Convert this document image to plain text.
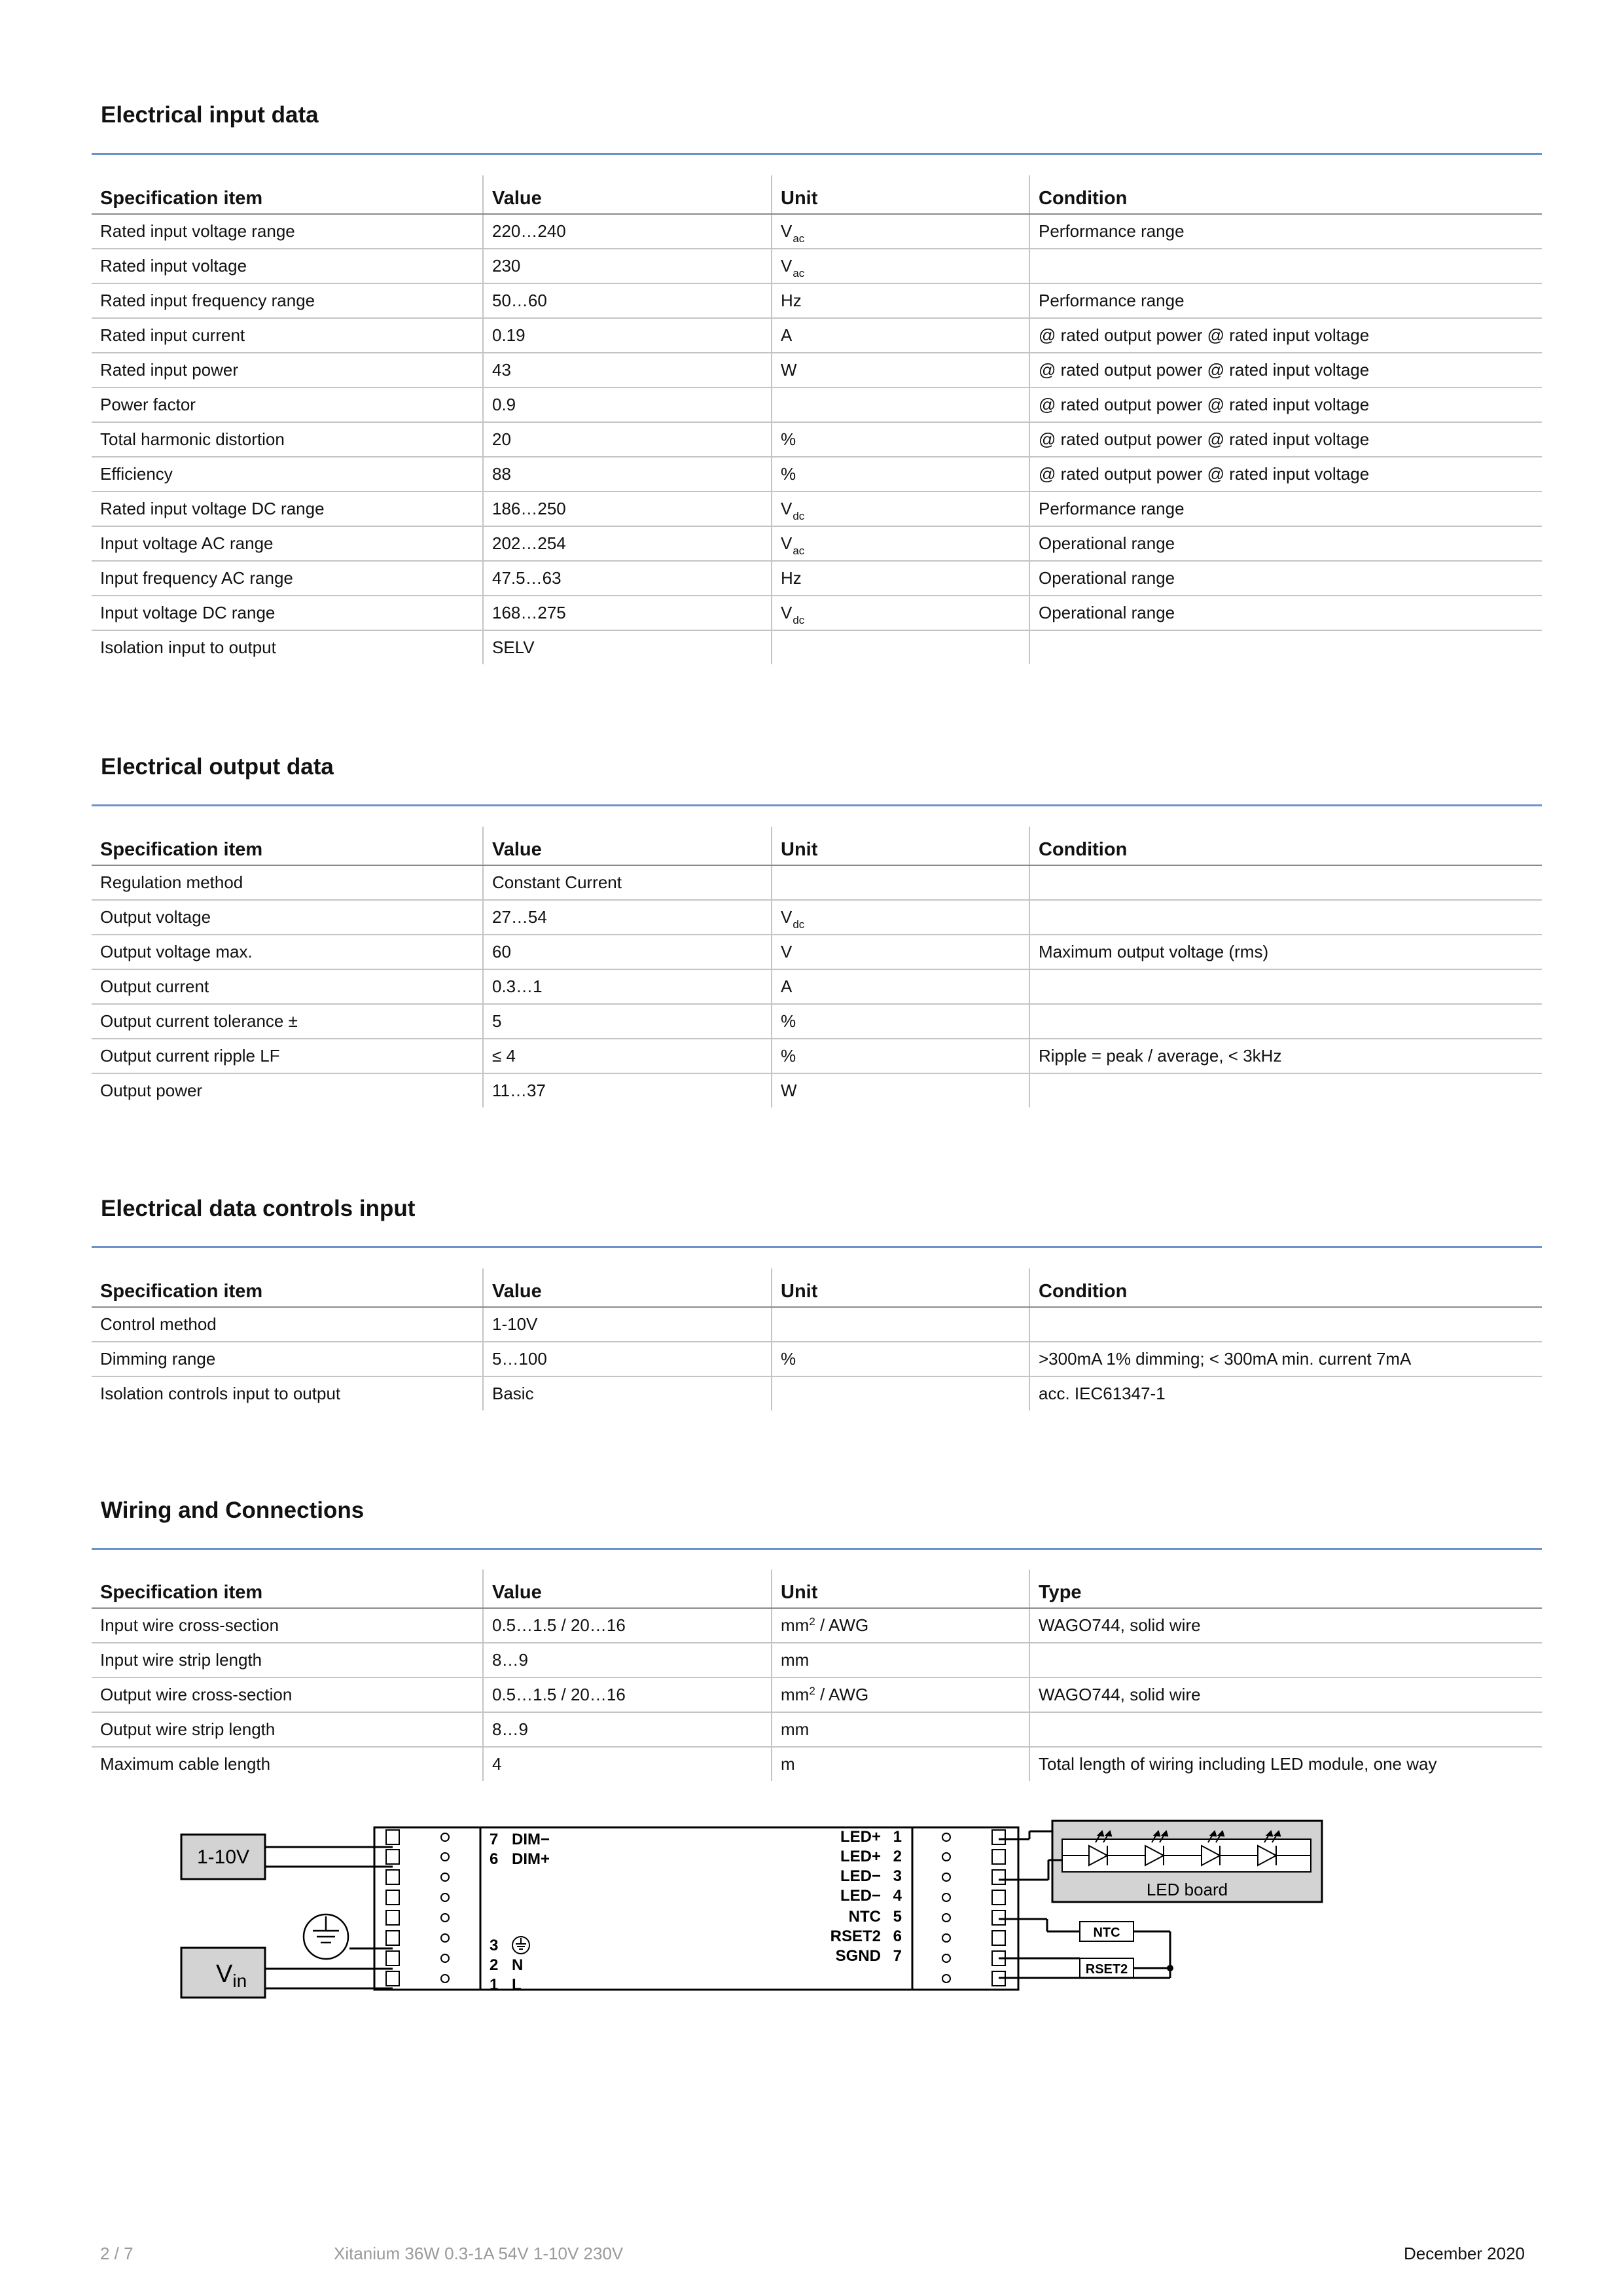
Electrical input data
Specification item	Value	Unit	Condition
Rated input voltage range	220…240	$V_{ac}$	Performance range
Rated input voltage	230	$V_{ac}$	
Rated input frequency range	50…60	Hz	Performance range
Rated input current	0.19	A	@ rated output power @ rated input voltage
Rated input power	43	W	@ rated output power @ rated input voltage
Power factor	0.9		@ rated output power @ rated input voltage
Total harmonic distortion	20	%	@ rated output power @ rated input voltage
Efficiency	88	%	@ rated output power @ rated input voltage
Rated input voltage DC range	186…250	$V_{dc}$	Performance range
Input voltage AC range	202…254	$V_{ac}$	Operational range
Input frequency AC range	47.5…63	Hz	Operational range
Input voltage DC range	168…275	$V_{dc}$	Operational range
Isolation input to output	SELV		
Electrical output data
Specification item	Value	Unit	Condition
Regulation method	Constant Current		
Output voltage	27…54	$V_{dc}$	
Output voltage max.	60	V	Maximum output voltage (rms)
Output current	0.3…1	A	
Output current tolerance ±	5	%	
Output current ripple LF	≤ 4	%	Ripple = peak / average, < 3kHz
Output power	11…37	W	
Electrical data controls input
Specification item	Value	Unit	Condition
Control method	1-10V		
Dimming range	5…100	%	>300mA 1% dimming; < 300mA min. current 7mA
Isolation controls input to output	Basic		acc. IEC61347-1
Wiring and Connections
Specification item	Value	Unit	Type
Input wire cross-section	0.5…1.5 / 20…16	$mm^2$ / AWG	WAGO744, solid wire
Input wire strip length	8…9	mm	
Output wire cross-section	0.5…1.5 / 20…16	$mm^2$ / AWG	WAGO744, solid wire
Output wire strip length	8…9	mm	
Maximum cable length	4	m	Total length of wiring including LED module, one way
1-10V
$V_{in}$
7 DIM−
6 DIM+
3
2 N
1 L
LED+ 1
LED+ 2
LED− 3
LED− 4
NTC 5
RSET2 6
SGND 7
LED board
NTC
RSET2
2 / 7	Xitanium 36W 0.3-1A 54V 1-10V 230V	December 2020
